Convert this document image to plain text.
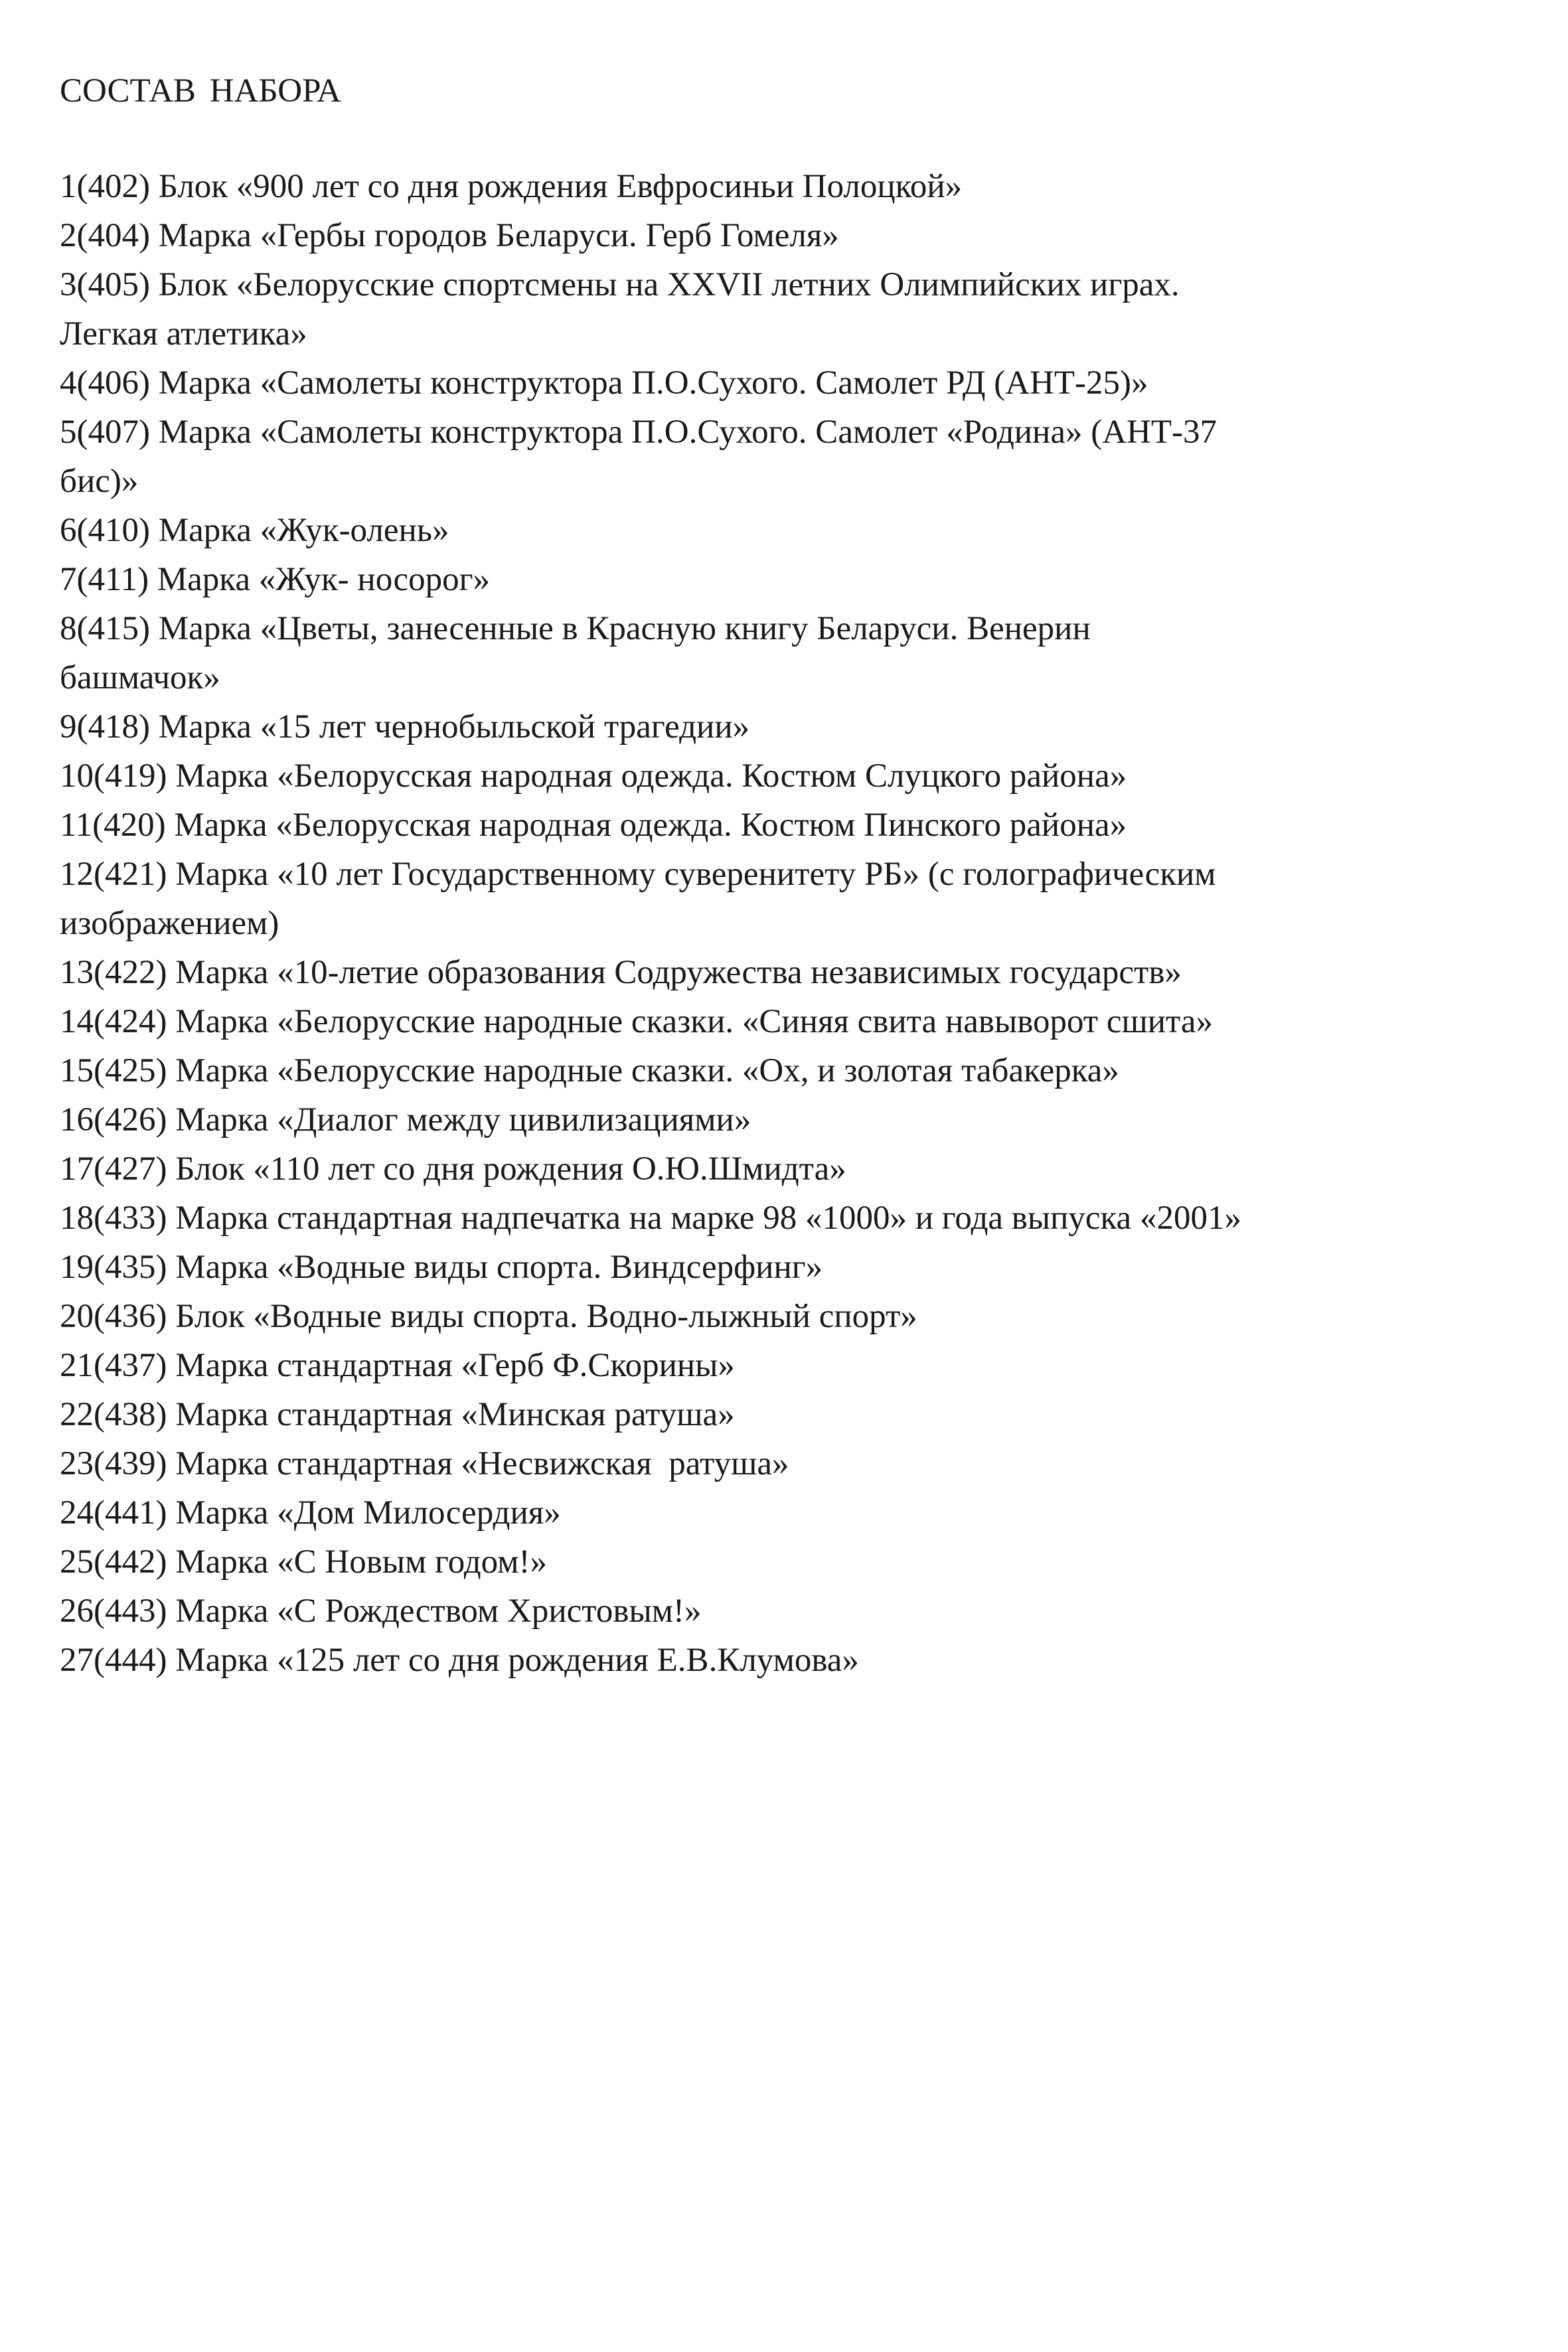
СОСТАВ НАБОРА
1(402) Блок «900 лет со дня рождения Евфросиньи Полоцкой»
2(404) Марка «Гербы городов Беларуси. Герб Гомеля»
3(405) Блок «Белорусские спортсмены на XXVII летних Олимпийских играх.
Легкая атлетика»
4(406) Марка «Самолеты конструктора П.О.Сухого. Самолет РД (АНТ-25)»
5(407) Марка «Самолеты конструктора П.О.Сухого. Самолет «Родина» (АНТ-37
бис)»
6(410) Марка «Жук-олень»
7(411) Марка «Жук- носорог»
8(415) Марка «Цветы, занесенные в Красную книгу Беларуси. Венерин
башмачок»
9(418) Марка «15 лет чернобыльской трагедии»
10(419) Марка «Белорусская народная одежда. Костюм Слуцкого района»
11(420) Марка «Белорусская народная одежда. Костюм Пинского района»
12(421) Марка «10 лет Государственному суверенитету РБ» (с голографическим
изображением)
13(422) Марка «10-летие образования Содружества независимых государств»
14(424) Марка «Белорусские народные сказки. «Синяя свита навыворот сшита»
15(425) Марка «Белорусские народные сказки. «Ох, и золотая табакерка»
16(426) Марка «Диалог между цивилизациями»
17(427) Блок «110 лет со дня рождения О.Ю.Шмидта»
18(433) Марка стандартная надпечатка на марке 98 «1000» и года выпуска «2001»
19(435) Марка «Водные виды спорта. Виндсерфинг»
20(436) Блок «Водные виды спорта. Водно-лыжный спорт»
21(437) Марка стандартная «Герб Ф.Скорины»
22(438) Марка стандартная «Минская ратуша»
23(439) Марка стандартная «Несвижская  ратуша»
24(441) Марка «Дом Милосердия»
25(442) Марка «С Новым годом!»
26(443) Марка «С Рождеством Христовым!»
27(444) Марка «125 лет со дня рождения Е.В.Клумова»
